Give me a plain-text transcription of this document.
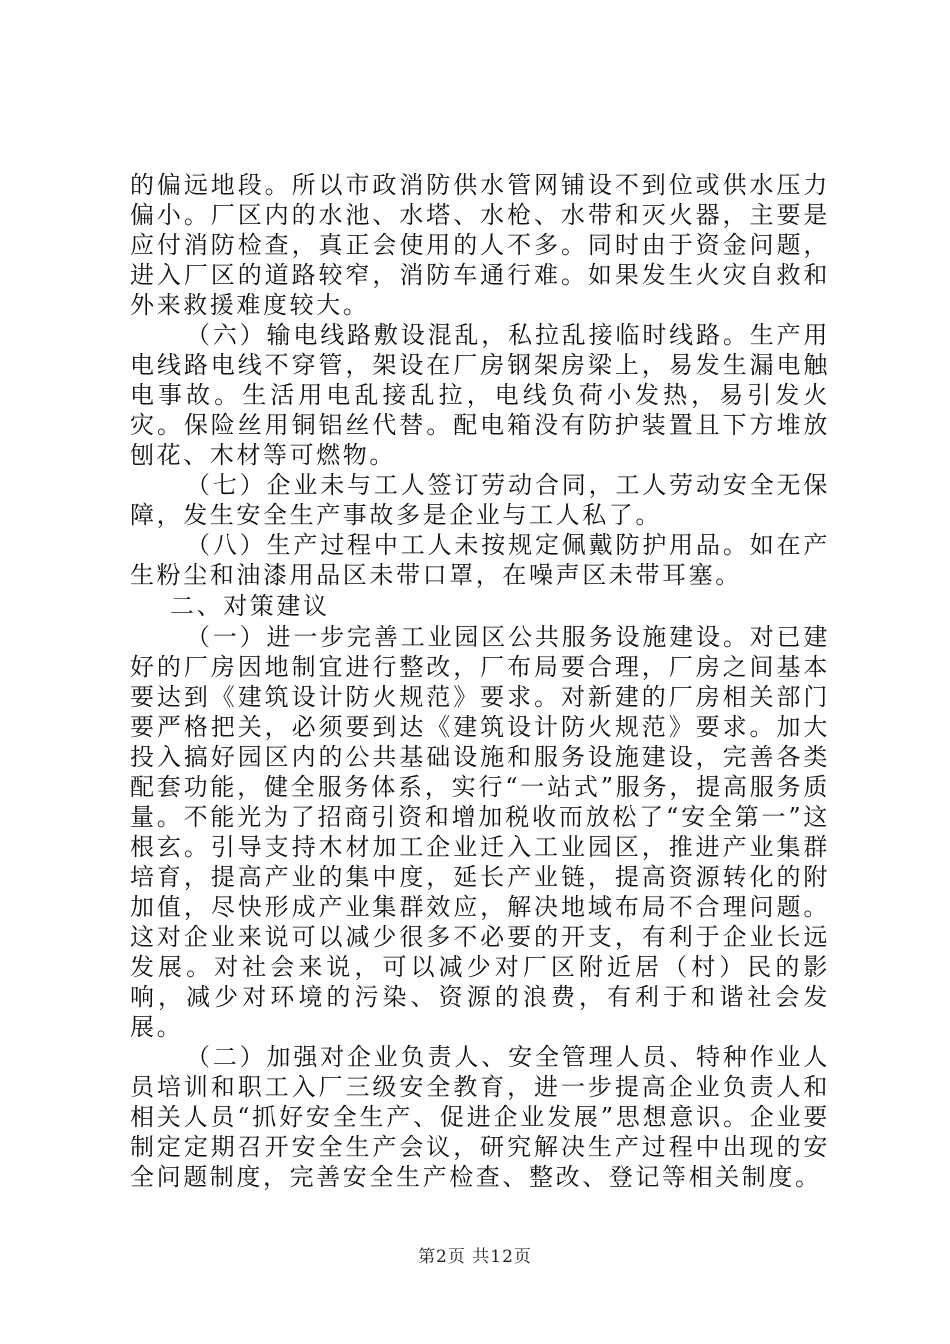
的偏远地段。所以市政消防供水管网铺设不到位或供水压力偏小。厂区内的水池、水塔、水枪、水带和灭火器，主要是应付消防检查，真正会使用的人不多。同时由于资金问题，进入厂区的道路较窄，消防车通行难。如果发生火灾自救和外来救援难度较大。

（六）输电线路敷设混乱，私拉乱接临时线路。生产用电线路电线不穿管，架设在厂房钢架房梁上，易发生漏电触电事故。生活用电乱接乱拉，电线负荷小发热，易引发火灾。保险丝用铜铝丝代替。配电箱没有防护装置且下方堆放刨花、木材等可燃物。

（七）企业未与工人签订劳动合同，工人劳动安全无保障，发生安全生产事故多是企业与工人私了。

（八）生产过程中工人未按规定佩戴防护用品。如在产生粉尘和油漆用品区未带口罩，在噪声区未带耳塞。

二、对策建议

（一）进一步完善工业园区公共服务设施建设。对已建好的厂房因地制宜进行整改，厂布局要合理，厂房之间基本要达到《建筑设计防火规范》要求。对新建的厂房相关部门要严格把关，必须要到达《建筑设计防火规范》要求。加大投入搞好园区内的公共基础设施和服务设施建设，完善各类配套功能，健全服务体系，实行“一站式”服务，提高服务质量。不能光为了招商引资和增加税收而放松了“安全第一”这根玄。引导支持木材加工企业迁入工业园区，推进产业集群培育，提高产业的集中度，延长产业链，提高资源转化的附加值，尽快形成产业集群效应，解决地域布局不合理问题。这对企业来说可以减少很多不必要的开支，有利于企业长远发展。对社会来说，可以减少对厂区附近居（村）民的影响，减少对环境的污染、资源的浪费，有利于和谐社会发展。

（二）加强对企业负责人、安全管理人员、特种作业人员培训和职工入厂三级安全教育，进一步提高企业负责人和相关人员“抓好安全生产、促进企业发展”思想意识。企业要制定定期召开安全生产会议，研究解决生产过程中出现的安全问题制度，完善安全生产检查、整改、登记等相关制度。

第2页 共12页
